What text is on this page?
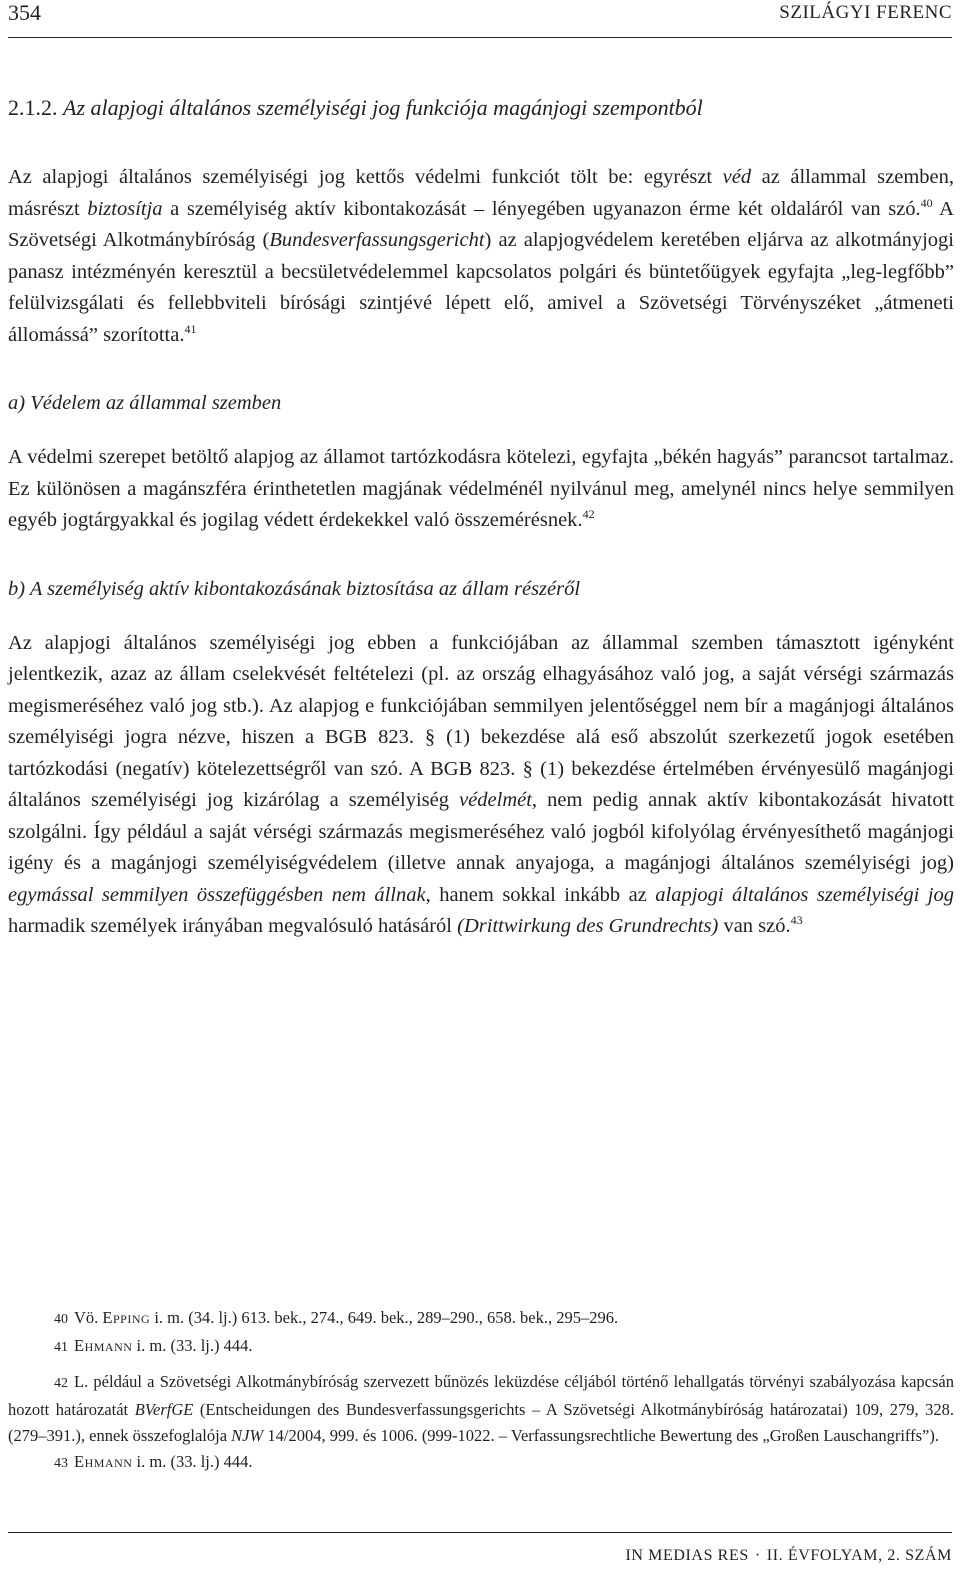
354	SZILÁGYI FERENC
2.1.2. Az alapjogi általános személyiségi jog funkciója magánjogi szempontból

Az alapjogi általános személyiségi jog kettős védelmi funkciót tölt be: egyrészt véd az állammal szemben, másrészt biztosítja a személyiség aktív kibontakozását – lényegében ugyanazon érme két oldaláról van szó.$^{40}$ A Szövetségi Alkotmánybíróság (Bundesverfassungsgericht) az alapjogvédelem keretében eljárva az alkotmányjogi panasz intézményén keresztül a becsületvédelemmel kapcsolatos polgári és büntetőügyek egyfajta „leg-legfőbb” felülvizsgálati és fellebbviteli bírósági szintjévé lépett elő, amivel a Szövetségi Törvényszéket „átmeneti állomássá” szorította.$^{41}$

a) Védelem az állammal szemben

A védelmi szerepet betöltő alapjog az államot tartózkodásra kötelezi, egyfajta „békén hagyás” parancsot tartalmaz. Ez különösen a magánszféra érinthetetlen magjának védelménél nyilvánul meg, amelynél nincs helye semmilyen egyéb jogtárgyakkal és jogilag védett érdekekkel való összemérésnek.$^{42}$

b) A személyiség aktív kibontakozásának biztosítása az állam részéről

Az alapjogi általános személyiségi jog ebben a funkciójában az állammal szemben támasztott igényként jelentkezik, azaz az állam cselekvését feltételezi (pl. az ország elhagyásához való jog, a saját vérségi származás megismeréséhez való jog stb.). Az alapjog e funkciójában semmilyen jelentőséggel nem bír a magánjogi általános személyiségi jogra nézve, hiszen a BGB 823. § (1) bekezdése alá eső abszolút szerkezetű jogok esetében tartózkodási (negatív) kötelezettségről van szó. A BGB 823. § (1) bekezdése értelmében érvényesülő magánjogi általános személyiségi jog kizárólag a személyiség védelmét, nem pedig annak aktív kibontakozását hivatott szolgálni. Így például a saját vérségi származás megismeréséhez való jogból kifolyólag érvényesíthető magánjogi igény és a magánjogi személyiségvédelem (illetve annak anyajoga, a magánjogi általános személyiségi jog) egymással semmilyen összefüggésben nem állnak, hanem sokkal inkább az alapjogi általános személyiségi jog harmadik személyek irányában megvalósuló hatásáról (Drittwirkung des Grundrechts) van szó.$^{43}$

40 Vö. Epping i. m. (34. lj.) 613. bek., 274., 649. bek., 289–290., 658. bek., 295–296.

41 Ehmann i. m. (33. lj.) 444.

42 L. például a Szövetségi Alkotmánybíróság szervezett bűnözés leküzdése céljából történő lehallgatás törvényi szabályozása kapcsán hozott határozatát BVerfGE (Entscheidungen des Bundesverfassungsgerichts – A Szövetségi Alkotmánybíróság határozatai) 109, 279, 328. (279–391.), ennek összefoglalója NJW 14/2004, 999. és 1006. (999-1022. – Verfassungsrechtliche Bewertung des „Großen Lauschangriffs”).

43 Ehmann i. m. (33. lj.) 444.

IN MEDIAS RES · II. ÉVFOLYAM, 2. SZÁM
